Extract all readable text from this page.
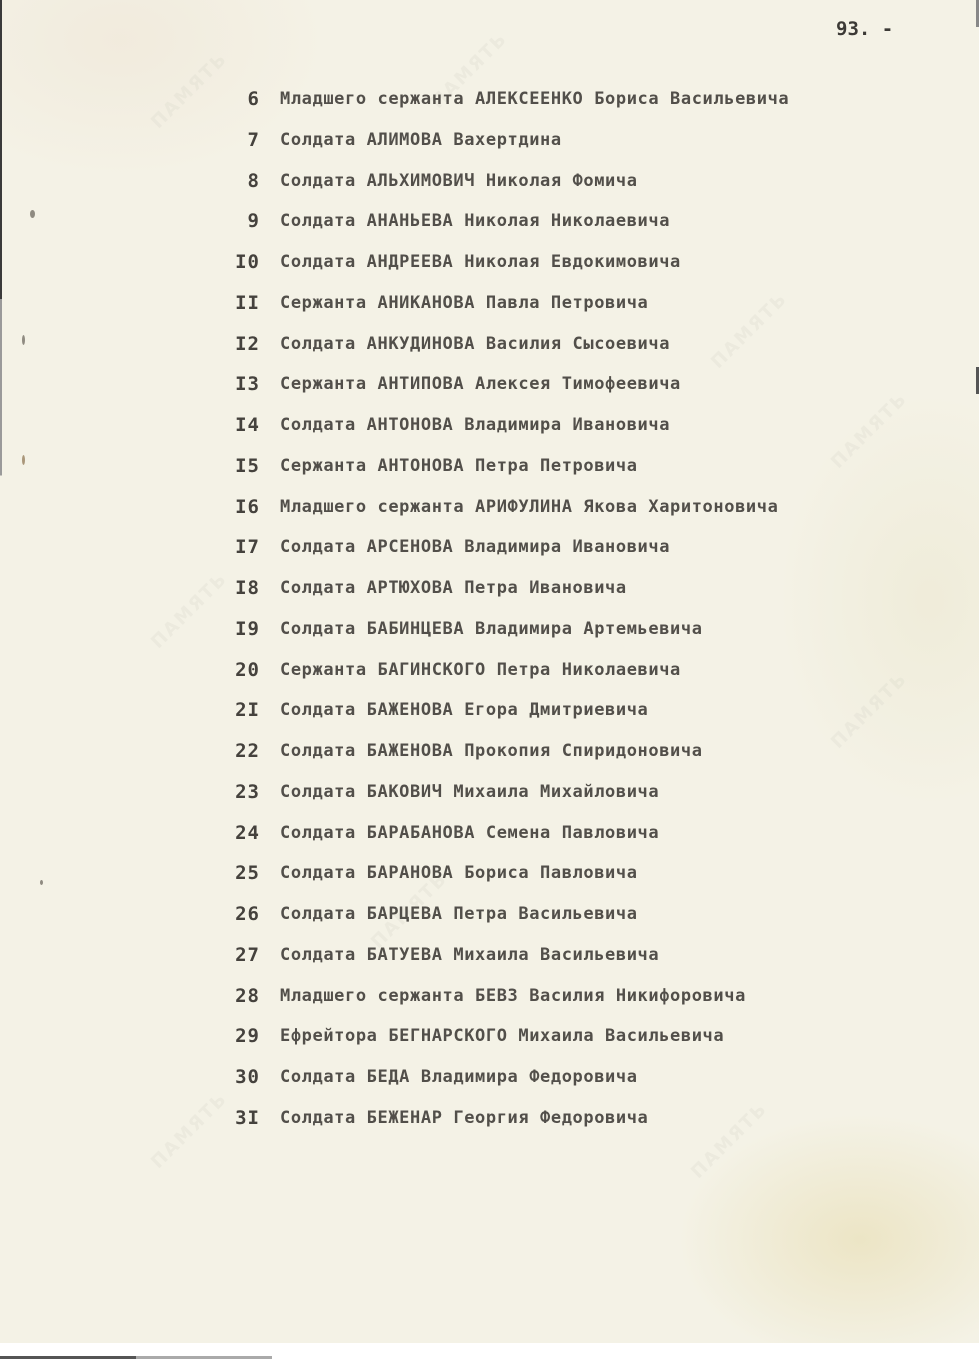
ПАМЯТЬ	ПАМЯТЬ
ПАМЯТЬ
ПАМЯТЬ
ПАМЯТЬ
ПАМЯТЬ
ПАМЯТЬ
ПАМЯТЬ	ПАМЯТЬ
93. -
6 Младшего сержанта АЛЕКСЕЕНКО Бориса Васильевича
7 Солдата АЛИМОВА Вахертдина
8 Солдата АЛЬХИМОВИЧ Николая Фомича
9 Солдата АНАНЬЕВА Николая Николаевича
I0 Солдата АНДРЕЕВА Николая Евдокимовича
II Сержанта АНИКАНОВА Павла Петровича
I2 Солдата АНКУДИНОВА Василия Сысоевича
I3 Сержанта АНТИПОВА Алексея Тимофеевича
I4 Солдата АНТОНОВА Владимира Ивановича
I5 Сержанта АНТОНОВА Петра Петровича
I6 Младшего сержанта АРИФУЛИНА Якова Харитоновича
I7 Солдата АРСЕНОВА Владимира Ивановича
I8 Солдата АРТЮХОВА Петра Ивановича
I9 Солдата БАБИНЦЕВА Владимира Артемьевича
20 Сержанта БАГИНСКОГО Петра Николаевича
2I Солдата БАЖЕНОВА Егора Дмитриевича
22 Солдата БАЖЕНОВА Прокопия Спиридоновича
23 Солдата БАКОВИЧ Михаила Михайловича
24 Солдата БАРАБАНОВА Семена Павловича
25 Солдата БАРАНОВА Бориса Павловича
26 Солдата БАРЦЕВА Петра Васильевича
27 Солдата БАТУЕВА Михаила Васильевича
28 Младшего сержанта БЕВЗ Василия Никифоровича
29 Ефрейтора БЕГНАРСКОГО Михаила Васильевича
30 Солдата БЕДА Владимира Федоровича
3I Солдата БЕЖЕНАР Георгия Федоровича
